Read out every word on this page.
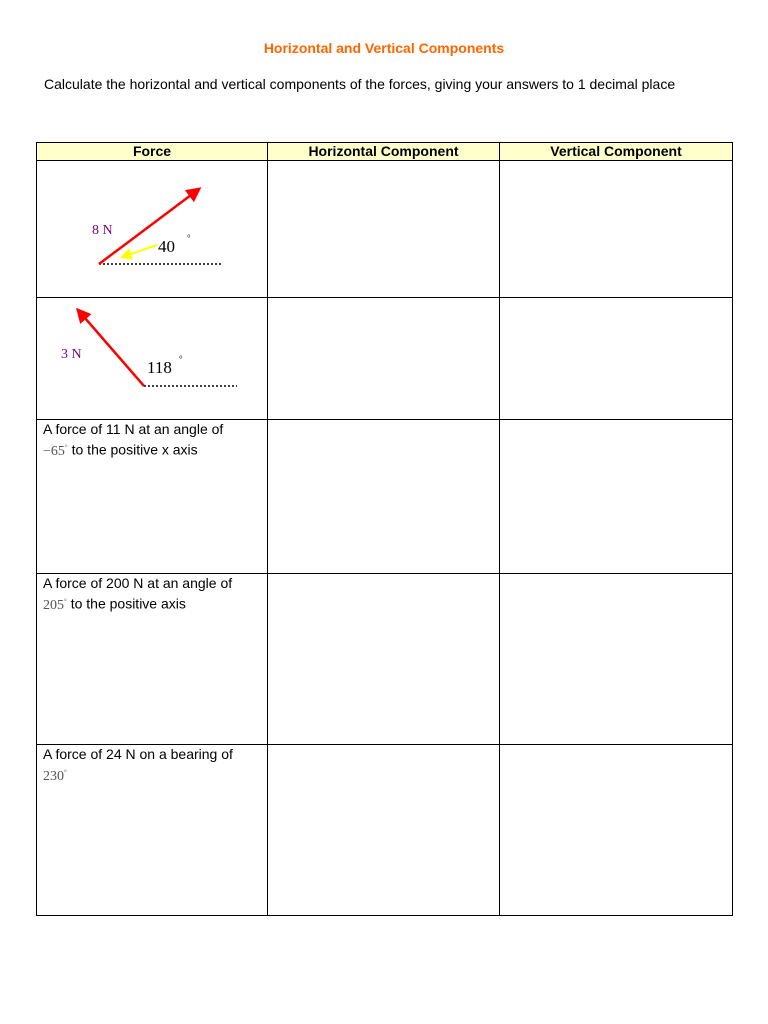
Horizontal and Vertical Components
Calculate the horizontal and vertical components of the forces, giving your answers to 1 decimal place
Force	Horizontal Component	Vertical Component

8 N
40 °		

3 N
118 °		

A force of 11 N at an angle of
−65° to the positive x axis		

A force of 200 N at an angle of
205° to the positive axis		

A force of 24 N on a bearing of
230°
